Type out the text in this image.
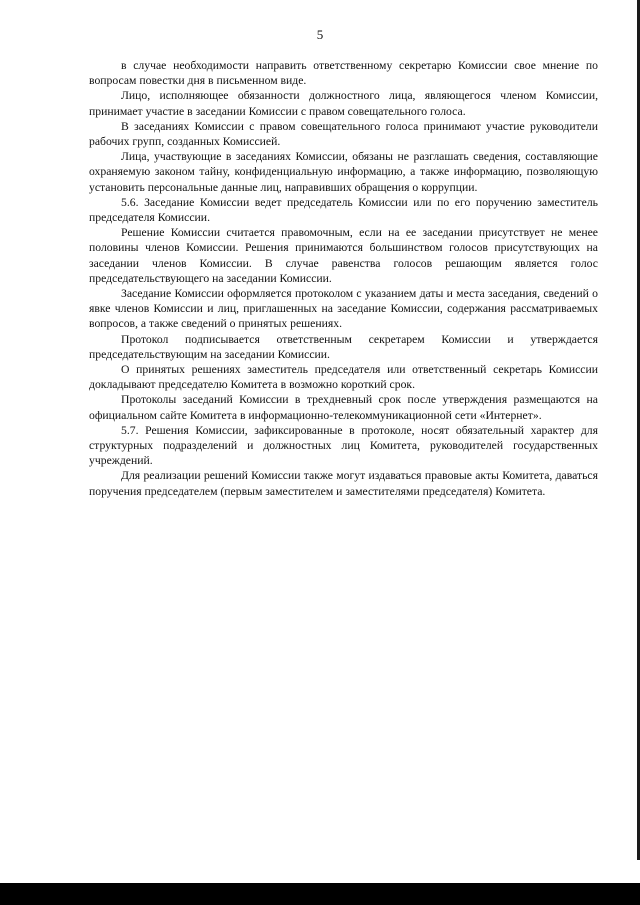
5

в случае необходимости направить ответственному секретарю Комиссии свое мнение по вопросам повестки дня в письменном виде.

Лицо, исполняющее обязанности должностного лица, являющегося членом Комиссии, принимает участие в заседании Комиссии с правом совещательного голоса.

В заседаниях Комиссии с правом совещательного голоса принимают участие руководители рабочих групп, созданных Комиссией.

Лица, участвующие в заседаниях Комиссии, обязаны не разглашать сведения, составляющие охраняемую законом тайну, конфиденциальную информацию, а также информацию, позволяющую установить персональные данные лиц, направивших обращения о коррупции.

5.6. Заседание Комиссии ведет председатель Комиссии или по его поручению заместитель председателя Комиссии.

Решение Комиссии считается правомочным, если на ее заседании присутствует не менее половины членов Комиссии. Решения принимаются большинством голосов присутствующих на заседании членов Комиссии. В случае равенства голосов решающим является голос председательствующего на заседании Комиссии.

Заседание Комиссии оформляется протоколом с указанием даты и места заседания, сведений о явке членов Комиссии и лиц, приглашенных на заседание Комиссии, содержания рассматриваемых вопросов, а также сведений о принятых решениях.

Протокол подписывается ответственным секретарем Комиссии и утверждается председательствующим на заседании Комиссии.

О принятых решениях заместитель председателя или ответственный секретарь Комиссии докладывают председателю Комитета в возможно короткий срок.

Протоколы заседаний Комиссии в трехдневный срок после утверждения размещаются на официальном сайте Комитета в информационно-телекоммуникационной сети «Интернет».

5.7. Решения Комиссии, зафиксированные в протоколе, носят обязательный характер для структурных подразделений и должностных лиц Комитета, руководителей государственных учреждений.

Для реализации решений Комиссии также могут издаваться правовые акты Комитета, даваться поручения председателем (первым заместителем и заместителями председателя) Комитета.
